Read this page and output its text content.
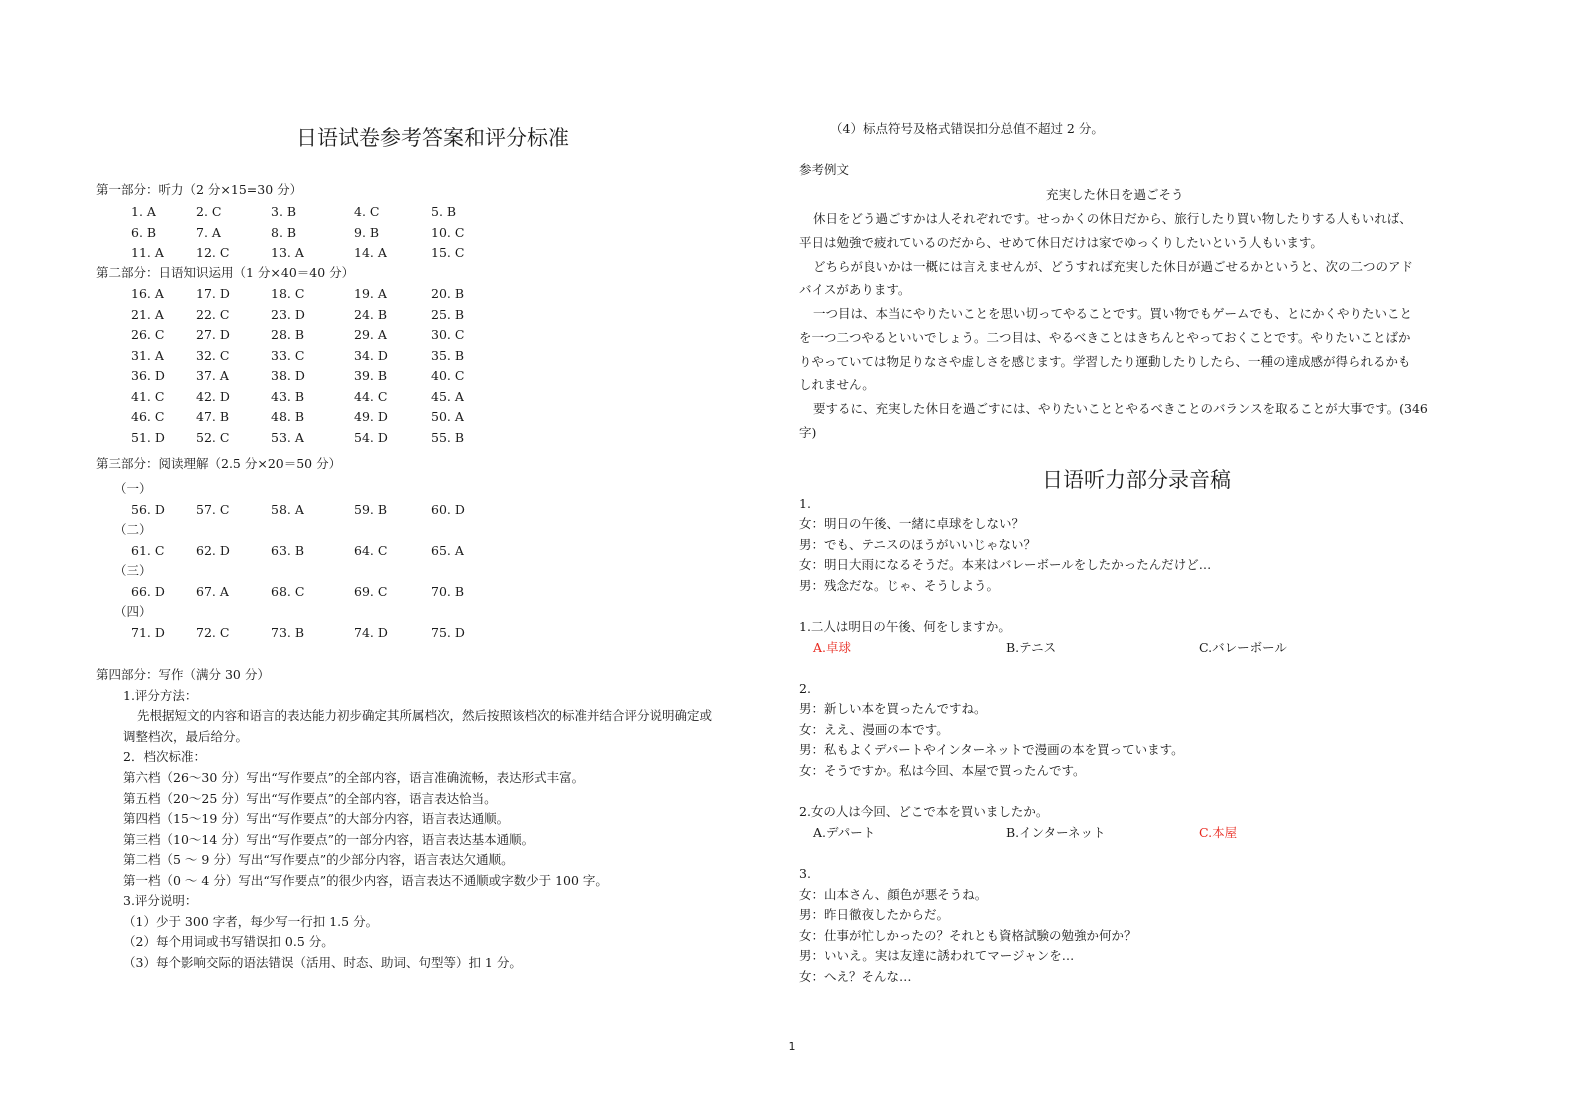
日语试卷参考答案和评分标准
第一部分：听力（2 分×15=30 分）
1. A	2. C	3. B	4. C	5. B
6. B	7. A	8. B	9. B	10. C
11. A	12. C	13. A	14. A	15. C
第二部分：日语知识运用（1 分×40＝40 分）
16. A	17. D	18. C	19. A	20. B
21. A	22. C	23. D	24. B	25. B
26. C	27. D	28. B	29. A	30. C
31. A	32. C	33. C	34. D	35. B
36. D 37. A	38. D	39. B	40. C
41. C	42. D	43. B	44. C	45. A
46. C	47. B	48. B	49. D	50. A
51. D 52. C	53. A	54. D	55. B
第三部分：阅读理解（2.5 分×20＝50 分）
（一）
56. D 57. C	58. A	59. B	60. D
（二）
61. C	62. D	63. B	64. C	65. A
（三）
66. D 67. A	68. C	69. C	70. B
（四）
71. D 72. C	73. B	74. D	75. D
第四部分：写作（满分 30 分）
1.评分方法：
先根据短文的内容和语言的表达能力初步确定其所属档次，然后按照该档次的标准并结合评分说明确定或
调整档次，最后给分。
2．档次标准：
第六档（26～30 分）写出“写作要点”的全部内容，语言准确流畅，表达形式丰富。
第五档（20～25 分）写出“写作要点”的全部内容，语言表达恰当。
第四档（15～19 分）写出“写作要点”的大部分内容，语言表达通顺。
第三档（10～14 分）写出“写作要点”的一部分内容，语言表达基本通顺。
第二档（5 ～ 9 分）写出“写作要点”的少部分内容，语言表达欠通顺。
第一档（0 ～ 4 分）写出“写作要点”的很少内容，语言表达不通顺或字数少于 100 字。
3.评分说明：
（1）少于 300 字者，每少写一行扣 1.5 分。
（2）每个用词或书写错误扣 0.5 分。
（3）每个影响交际的语法错误（活用、时态、助词、句型等）扣 1 分。
（4）标点符号及格式错误扣分总值不超过 2 分。
参考例文
充実した休日を過ごそう
休日をどう過ごすかは人それぞれです。せっかくの休日だから、旅行したり買い物したりする人もいれば、
平日は勉強で疲れているのだから、せめて休日だけは家でゆっくりしたいという人もいます。
どちらが良いかは一概には言えませんが、どうすれば充実した休日が過ごせるかというと、次の二つのアド
バイスがあります。
一つ目は、本当にやりたいことを思い切ってやることです。買い物でもゲームでも、とにかくやりたいこと
を一つ二つやるといいでしょう。二つ目は、やるべきことはきちんとやっておくことです。やりたいことばか
りやっていては物足りなさや虚しさを感じます。学習したり運動したりしたら、一種の達成感が得られるかも
しれません。
要するに、充実した休日を過ごすには、やりたいこととやるべきことのバランスを取ることが大事です。(346
字)
日语听力部分录音稿
1.
女：明日の午後、一緒に卓球をしない？
男：でも、テニスのほうがいいじゃない？
女：明日大雨になるそうだ。本来はバレーボールをしたかったんだけど…
男：残念だな。じゃ、そうしよう。
1.二人は明日の午後、何をしますか。
A.卓球	B.テニス	C.バレーボール
2.
男：新しい本を買ったんですね。
女：ええ、漫画の本です。
男：私もよくデパートやインターネットで漫画の本を買っています。
女：そうですか。私は今回、本屋で買ったんです。
2.女の人は今回、どこで本を買いましたか。
A.デパート	B.インターネット	C.本屋
3.
女：山本さん、顔色が悪そうね。
男：昨日徹夜したからだ。
女：仕事が忙しかったの？それとも資格試験の勉強か何か？
男：いいえ。実は友達に誘われてマージャンを…
女：へえ？そんな…
1
